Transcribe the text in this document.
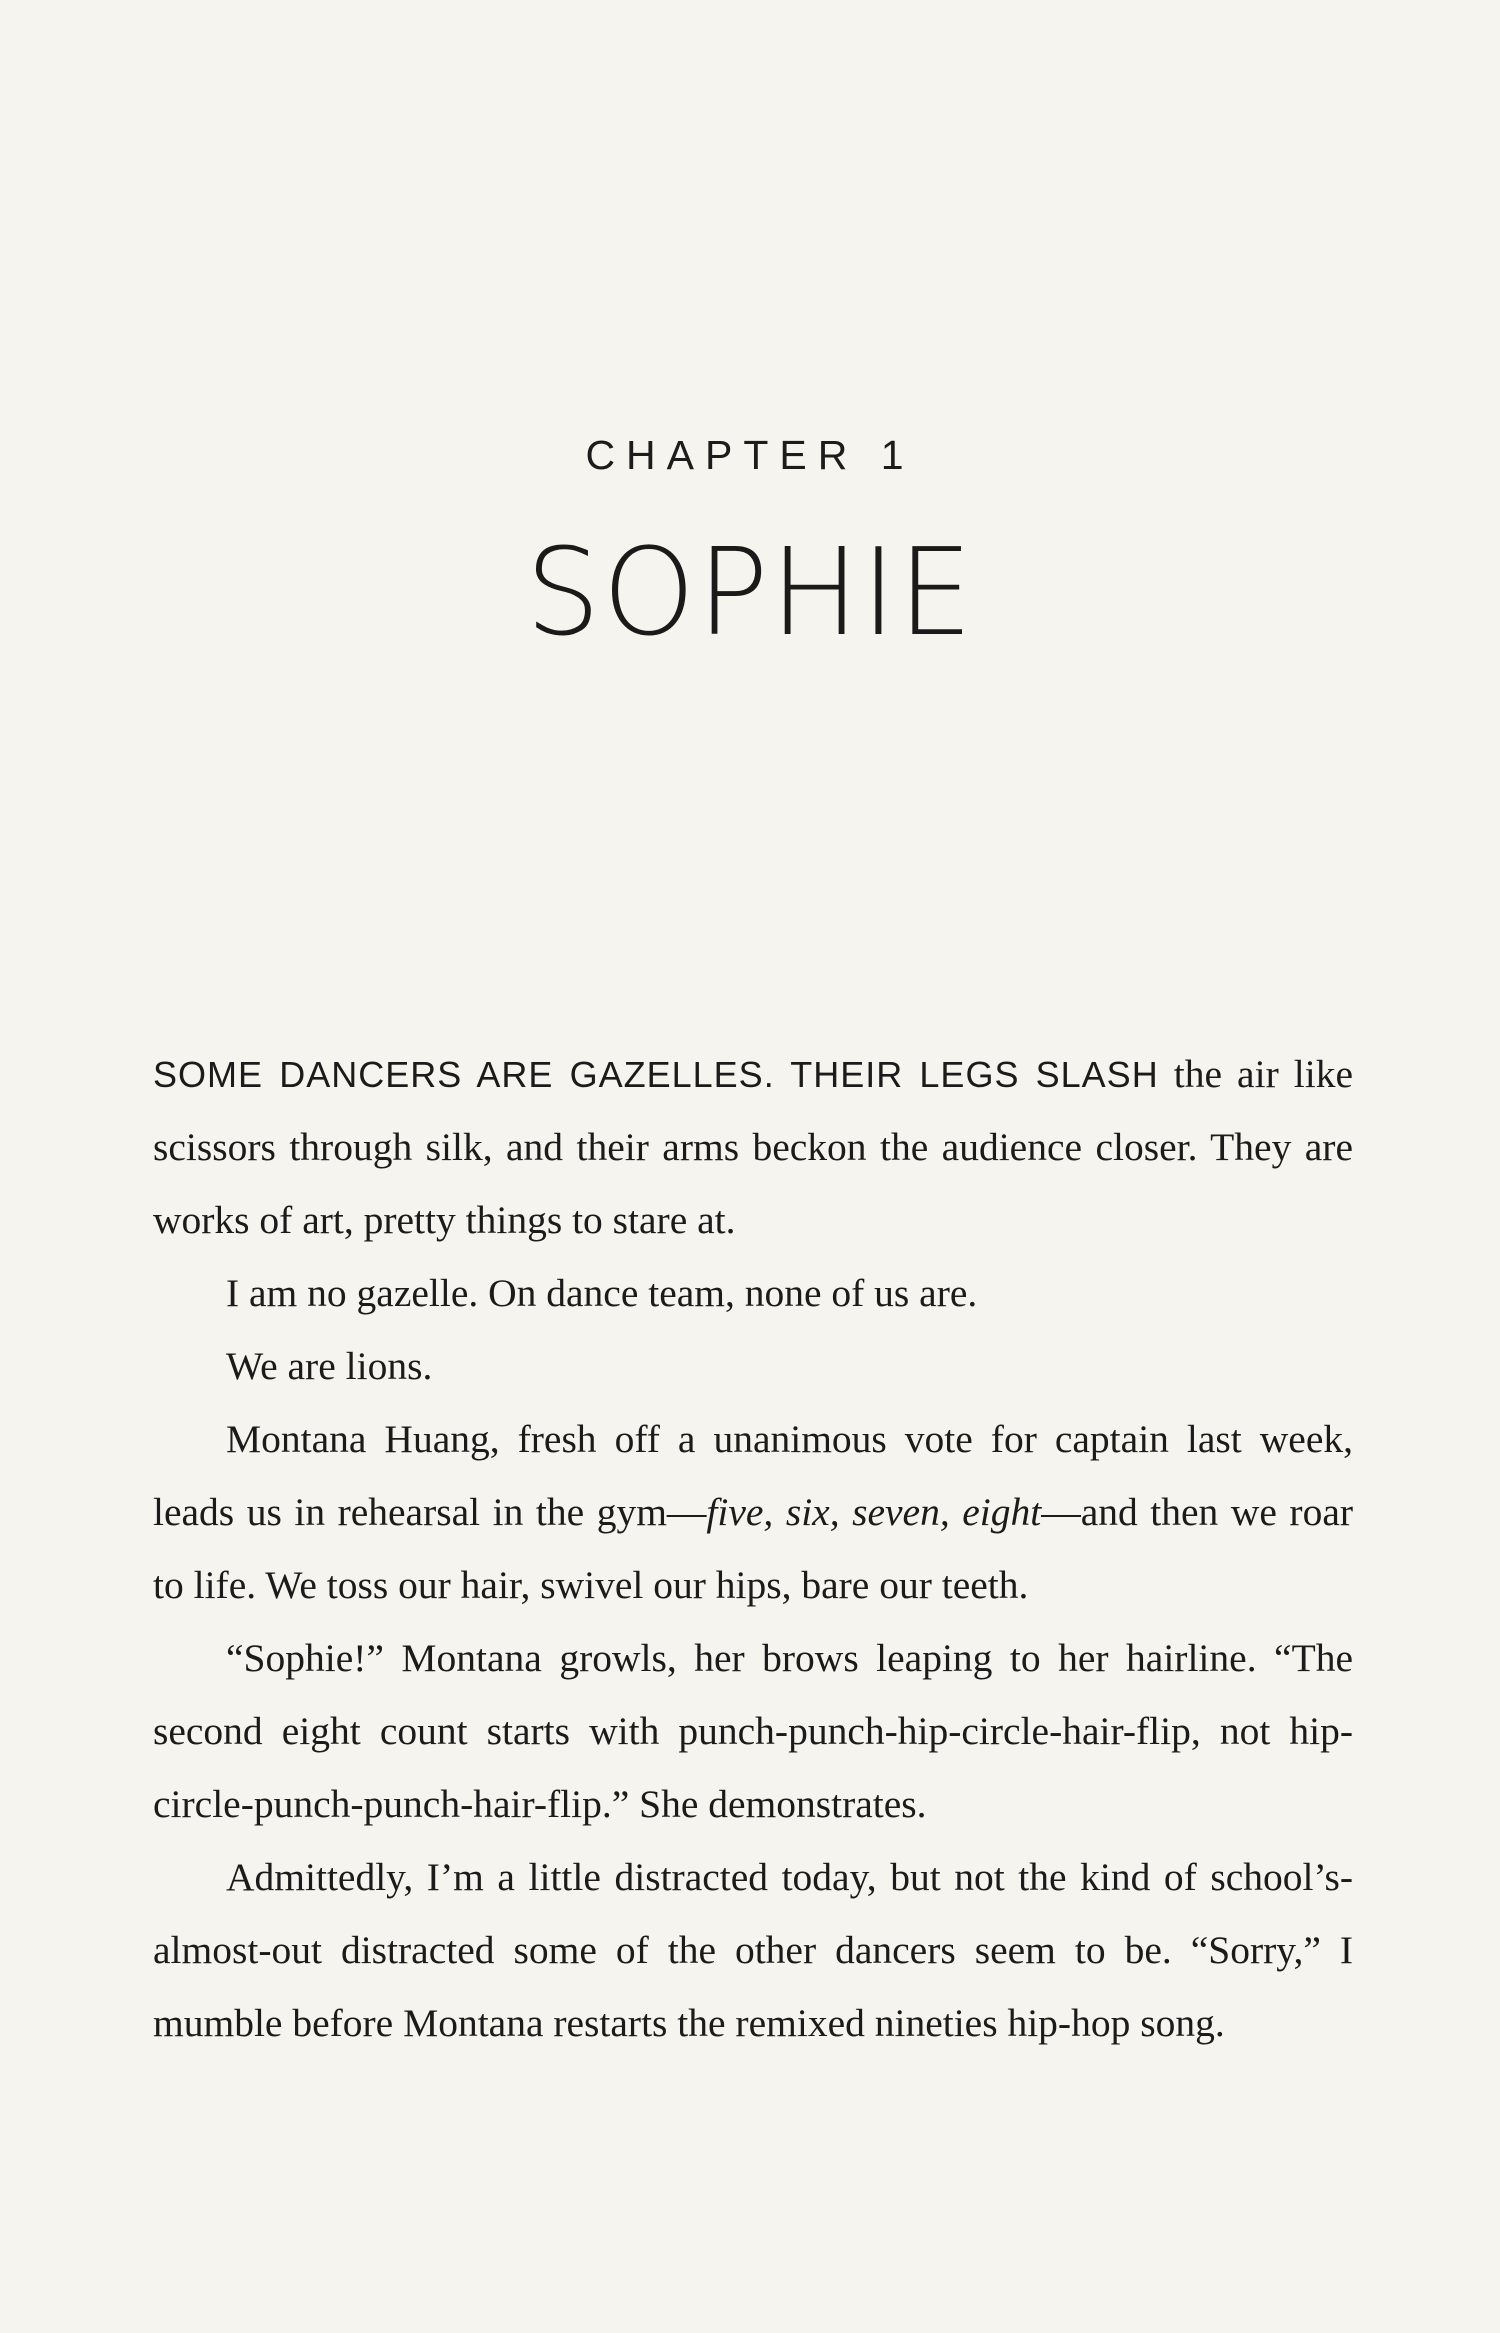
CHAPTER 1
SOPHIE

SOME DANCERS ARE GAZELLES. THEIR LEGS SLASH the air like scissors through silk, and their arms beckon the audience closer. They are works of art, pretty things to stare at.

I am no gazelle. On dance team, none of us are.

We are lions.

Montana Huang, fresh off a unanimous vote for captain last week, leads us in rehearsal in the gym—five, six, seven, eight—and then we roar to life. We toss our hair, swivel our hips, bare our teeth.

“Sophie!” Montana growls, her brows leaping to her hairline. “The second eight count starts with punch-punch-hip-circle-hair-flip, not hip-circle-punch-punch-hair-flip.” She demonstrates.

Admittedly, I’m a little distracted today, but not the kind of school’s-almost-out distracted some of the other dancers seem to be. “Sorry,” I mumble before Montana restarts the remixed nineties hip-hop song.
